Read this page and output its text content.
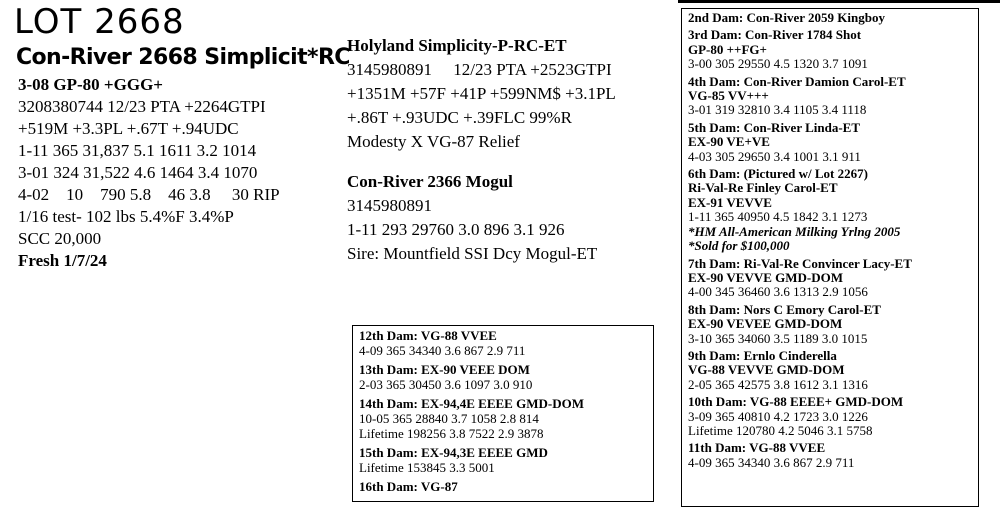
LOT 2668
Con-River 2668 Simplicit*RC
3-08 GP-80 +GGG+
3208380744 12/23 PTA +2264GTPI
+519M +3.3PL +.67T +.94UDC
1-11 365 31,837 5.1 1611 3.2 1014
3-01 324 31,522 4.6 1464 3.4 1070
4-02    10    790 5.8    46 3.8     30 RIP
1/16 test- 102 lbs 5.4%F 3.4%P
SCC 20,000
Fresh 1/7/24
Holyland Simplicity-P-RC-ET
3145980891     12/23 PTA +2523GTPI
+1351M +57F +41P +599NM$ +3.1PL
+.86T +.93UDC +.39FLC 99%R
Modesty X VG-87 Relief
Con-River 2366 Mogul
3145980891
1-11 293 29760 3.0 896 3.1 926
Sire: Mountfield SSI Dcy Mogul-ET
12th Dam: VG-88 VVEE
4-09 365 34340 3.6 867 2.9 711
13th Dam: EX-90 VEEE DOM
2-03 365 30450 3.6 1097 3.0 910
14th Dam: EX-94,4E EEEE GMD-DOM
10-05 365 28840 3.7 1058 2.8 814
Lifetime 198256 3.8 7522 2.9 3878
15th Dam: EX-94,3E EEEE GMD
Lifetime 153845 3.3 5001
16th Dam: VG-87
2nd Dam: Con-River 2059 Kingboy
3rd Dam: Con-River 1784 Shot
GP-80 ++FG+
3-00 305 29550 4.5 1320 3.7 1091
4th Dam: Con-River Damion Carol-ET
VG-85 VV+++
3-01 319 32810 3.4 1105 3.4 1118
5th Dam: Con-River Linda-ET
EX-90 VE+VE
4-03 305 29650 3.4 1001 3.1 911
6th Dam: (Pictured w/ Lot 2267)
Ri-Val-Re Finley Carol-ET
EX-91 VEVVE
1-11 365 40950 4.5 1842 3.1 1273
*HM All-American Milking Yrlng 2005
*Sold for $100,000
7th Dam: Ri-Val-Re Convincer Lacy-ET
EX-90 VEVVE GMD-DOM
4-00 345 36460 3.6 1313 2.9 1056
8th Dam: Nors C Emory Carol-ET
EX-90 VEVEE GMD-DOM
3-10 365 34060 3.5 1189 3.0 1015
9th Dam: Ernlo Cinderella
VG-88 VEVVE GMD-DOM
2-05 365 42575 3.8 1612 3.1 1316
10th Dam: VG-88 EEEE+ GMD-DOM
3-09 365 40810 4.2 1723 3.0 1226
Lifetime 120780 4.2 5046 3.1 5758
11th Dam: VG-88 VVEE
4-09 365 34340 3.6 867 2.9 711
